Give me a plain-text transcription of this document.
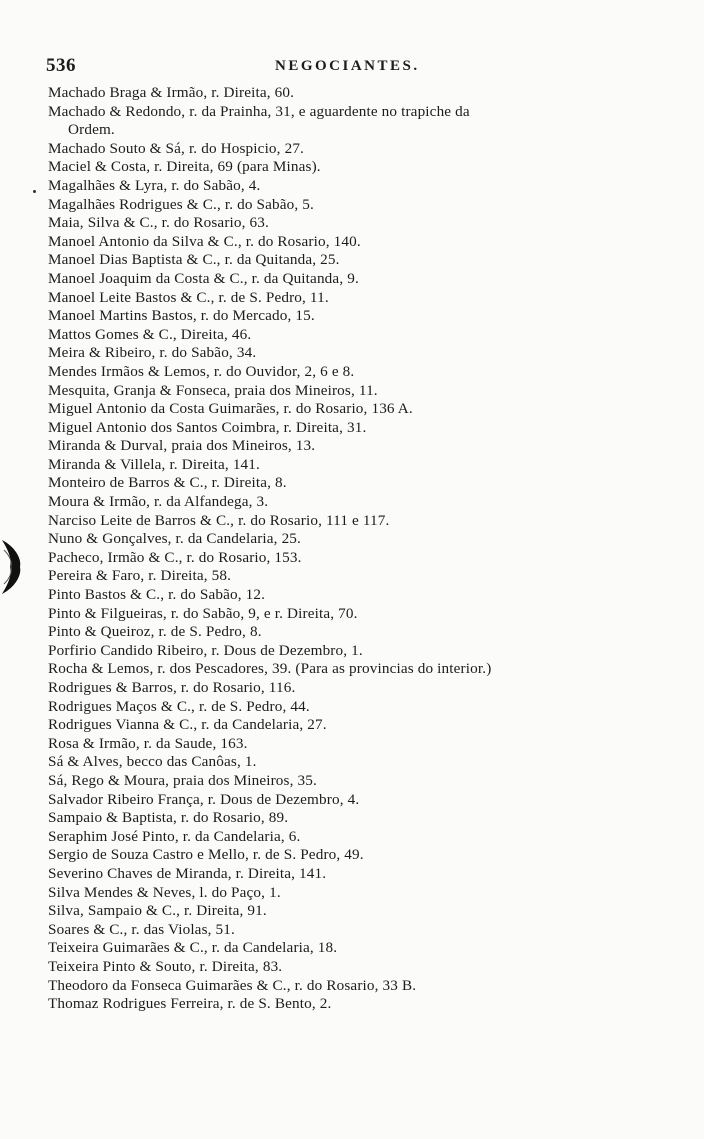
536	NEGOCIANTES.
Machado Braga & Irmão, r. Direita, 60.
Machado & Redondo, r. da Prainha, 31, e aguardente no trapiche da
Ordem.
Machado Souto & Sá, r. do Hospicio, 27.
Maciel & Costa, r. Direita, 69 (para Minas).
Magalhães & Lyra, r. do Sabão, 4.
Magalhães Rodrigues & C., r. do Sabão, 5.
Maia, Silva & C., r. do Rosario, 63.
Manoel Antonio da Silva & C., r. do Rosario, 140.
Manoel Dias Baptista & C., r. da Quitanda, 25.
Manoel Joaquim da Costa & C., r. da Quitanda, 9.
Manoel Leite Bastos & C., r. de S. Pedro, 11.
Manoel Martins Bastos, r. do Mercado, 15.
Mattos Gomes & C., Direita, 46.
Meira & Ribeiro, r. do Sabão, 34.
Mendes Irmãos & Lemos, r. do Ouvidor, 2, 6 e 8.
Mesquita, Granja & Fonseca, praia dos Mineiros, 11.
Miguel Antonio da Costa Guimarães, r. do Rosario, 136 A.
Miguel Antonio dos Santos Coimbra, r. Direita, 31.
Miranda & Durval, praia dos Mineiros, 13.
Miranda & Villela, r. Direita, 141.
Monteiro de Barros & C., r. Direita, 8.
Moura & Irmão, r. da Alfandega, 3.
Narciso Leite de Barros & C., r. do Rosario, 111 e 117.
Nuno & Gonçalves, r. da Candelaria, 25.
Pacheco, Irmão & C., r. do Rosario, 153.
Pereira & Faro, r. Direita, 58.
Pinto Bastos & C., r. do Sabão, 12.
Pinto & Filgueiras, r. do Sabão, 9, e r. Direita, 70.
Pinto & Queiroz, r. de S. Pedro, 8.
Porfirio Candido Ribeiro, r. Dous de Dezembro, 1.
Rocha & Lemos, r. dos Pescadores, 39. (Para as provincias do interior.)
Rodrigues & Barros, r. do Rosario, 116.
Rodrigues Maços & C., r. de S. Pedro, 44.
Rodrigues Vianna & C., r. da Candelaria, 27.
Rosa & Irmão, r. da Saude, 163.
Sá & Alves, becco das Canôas, 1.
Sá, Rego & Moura, praia dos Mineiros, 35.
Salvador Ribeiro França, r. Dous de Dezembro, 4.
Sampaio & Baptista, r. do Rosario, 89.
Seraphim José Pinto, r. da Candelaria, 6.
Sergio de Souza Castro e Mello, r. de S. Pedro, 49.
Severino Chaves de Miranda, r. Direita, 141.
Silva Mendes & Neves, l. do Paço, 1.
Silva, Sampaio & C., r. Direita, 91.
Soares & C., r. das Violas, 51.
Teixeira Guimarães & C., r. da Candelaria, 18.
Teixeira Pinto & Souto, r. Direita, 83.
Theodoro da Fonseca Guimarães & C., r. do Rosario, 33 B.
Thomaz Rodrigues Ferreira, r. de S. Bento, 2.
